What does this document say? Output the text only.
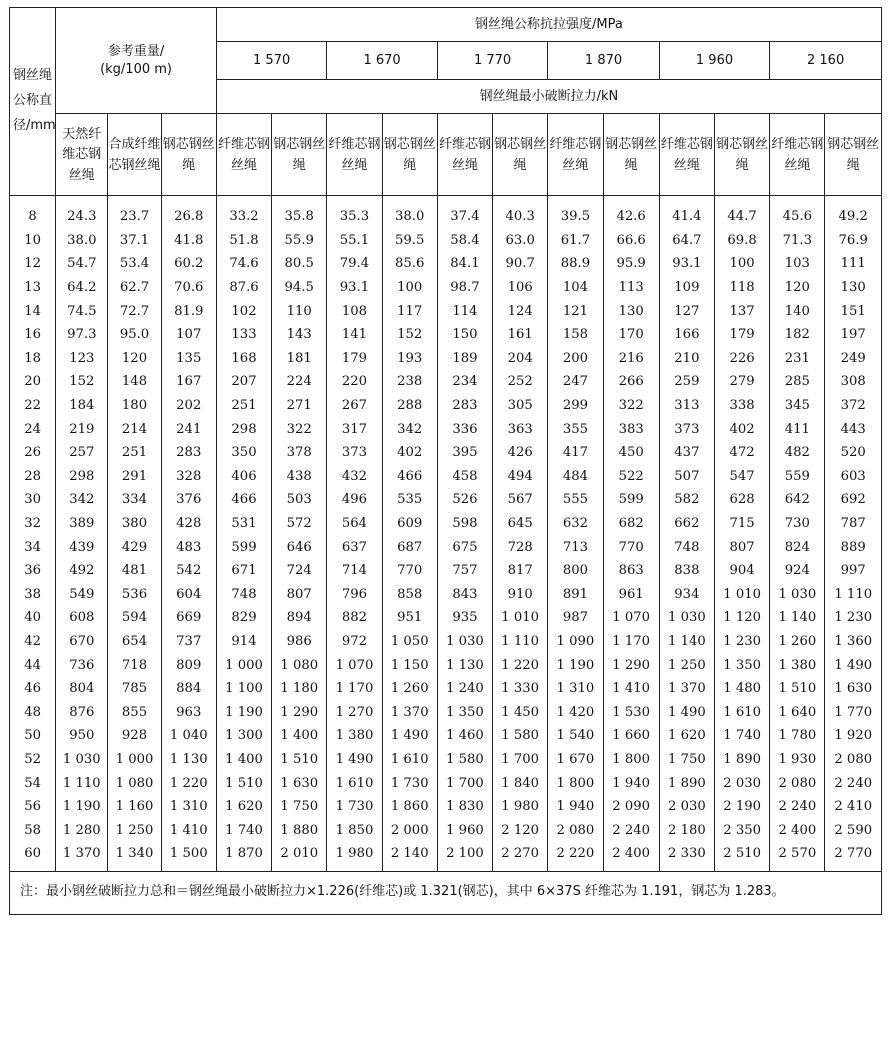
钢丝绳公称直径/mm	参考重量/
(kg/100 m)			钢丝绳公称抗拉强度/MPa											
				1 570		1 670		1 770		1 870		1 960		2 160	
				钢丝绳最小破断拉力/kN											
	天然纤维芯钢丝绳	合成纤维芯钢丝绳	钢芯钢丝绳	纤维芯钢丝绳	钢芯钢丝绳	纤维芯钢丝绳	钢芯钢丝绳	纤维芯钢丝绳	钢芯钢丝绳	纤维芯钢丝绳	钢芯钢丝绳	纤维芯钢丝绳	钢芯钢丝绳	纤维芯钢丝绳	钢芯钢丝绳
8	24.3	23.7	26.8	33.2	35.8	35.3	38.0	37.4	40.3	39.5	42.6	41.4	44.7	45.6	49.2
10	38.0	37.1	41.8	51.8	55.9	55.1	59.5	58.4	63.0	61.7	66.6	64.7	69.8	71.3	76.9
12	54.7	53.4	60.2	74.6	80.5	79.4	85.6	84.1	90.7	88.9	95.9	93.1	100	103	111
13	64.2	62.7	70.6	87.6	94.5	93.1	100	98.7	106	104	113	109	118	120	130
14	74.5	72.7	81.9	102	110	108	117	114	124	121	130	127	137	140	151
16	97.3	95.0	107	133	143	141	152	150	161	158	170	166	179	182	197
18	123	120	135	168	181	179	193	189	204	200	216	210	226	231	249
20	152	148	167	207	224	220	238	234	252	247	266	259	279	285	308
22	184	180	202	251	271	267	288	283	305	299	322	313	338	345	372
24	219	214	241	298	322	317	342	336	363	355	383	373	402	411	443
26	257	251	283	350	378	373	402	395	426	417	450	437	472	482	520
28	298	291	328	406	438	432	466	458	494	484	522	507	547	559	603
30	342	334	376	466	503	496	535	526	567	555	599	582	628	642	692
32	389	380	428	531	572	564	609	598	645	632	682	662	715	730	787
34	439	429	483	599	646	637	687	675	728	713	770	748	807	824	889
36	492	481	542	671	724	714	770	757	817	800	863	838	904	924	997
38	549	536	604	748	807	796	858	843	910	891	961	934	1 010	1 030	1 110
40	608	594	669	829	894	882	951	935	1 010	987	1 070	1 030	1 120	1 140	1 230
42	670	654	737	914	986	972	1 050	1 030	1 110	1 090	1 170	1 140	1 230	1 260	1 360
44	736	718	809	1 000	1 080	1 070	1 150	1 130	1 220	1 190	1 290	1 250	1 350	1 380	1 490
46	804	785	884	1 100	1 180	1 170	1 260	1 240	1 330	1 310	1 410	1 370	1 480	1 510	1 630
48	876	855	963	1 190	1 290	1 270	1 370	1 350	1 450	1 420	1 530	1 490	1 610	1 640	1 770
50	950	928	1 040	1 300	1 400	1 380	1 490	1 460	1 580	1 540	1 660	1 620	1 740	1 780	1 920
52	1 030	1 000	1 130	1 400	1 510	1 490	1 610	1 580	1 700	1 670	1 800	1 750	1 890	1 930	2 080
54	1 110	1 080	1 220	1 510	1 630	1 610	1 730	1 700	1 840	1 800	1 940	1 890	2 030	2 080	2 240
56	1 190	1 160	1 310	1 620	1 750	1 730	1 860	1 830	1 980	1 940	2 090	2 030	2 190	2 240	2 410
58	1 280	1 250	1 410	1 740	1 880	1 850	2 000	1 960	2 120	2 080	2 240	2 180	2 350	2 400	2 590
60	1 370	1 340	1 500	1 870	2 010	1 980	2 140	2 100	2 270	2 220	2 400	2 330	2 510	2 570	2 770

注：最小钢丝破断拉力总和＝钢丝绳最小破断拉力×1.226(纤维芯)或 1.321(钢芯)，其中 6×37S 纤维芯为 1.191，钢芯为 1.283。															
